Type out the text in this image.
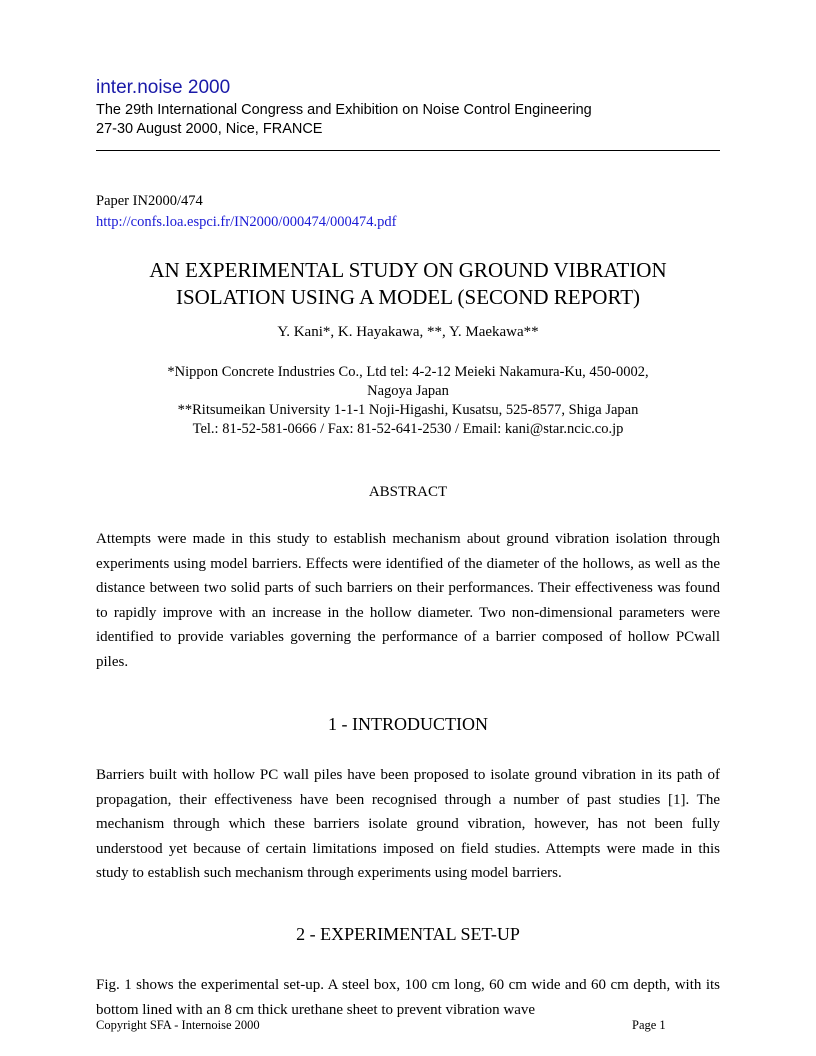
inter.noise 2000
The 29th International Congress and Exhibition on Noise Control Engineering
27-30 August 2000, Nice, FRANCE
Paper IN2000/474
http://confs.loa.espci.fr/IN2000/000474/000474.pdf
AN EXPERIMENTAL STUDY ON GROUND VIBRATION
ISOLATION USING A MODEL (SECOND REPORT)
Y. Kani*, K. Hayakawa, **, Y. Maekawa**
*Nippon Concrete Industries Co., Ltd tel: 4-2-12 Meieki Nakamura-Ku, 450-0002,
Nagoya Japan
**Ritsumeikan University 1-1-1 Noji-Higashi, Kusatsu, 525-8577, Shiga Japan
Tel.: 81-52-581-0666 / Fax: 81-52-641-2530 / Email: kani@star.ncic.co.jp
ABSTRACT

Attempts were made in this study to establish mechanism about ground vibration isolation through experiments using model barriers. Effects were identified of the diameter of the hollows, as well as the distance between two solid parts of such barriers on their performances. Their effectiveness was found to rapidly improve with an increase in the hollow diameter. Two non-dimensional parameters were identified to provide variables governing the performance of a barrier composed of hollow PCwall piles.

1 - INTRODUCTION

Barriers built with hollow PC wall piles have been proposed to isolate ground vibration in its path of propagation, their effectiveness have been recognised through a number of past studies [1]. The mechanism through which these barriers isolate ground vibration, however, has not been fully understood yet because of certain limitations imposed on field studies. Attempts were made in this study to establish such mechanism through experiments using model barriers.

2 - EXPERIMENTAL SET-UP

Fig. 1 shows the experimental set-up. A steel box, 100 cm long, 60 cm wide and 60 cm depth, with its bottom lined with an 8 cm thick urethane sheet to prevent vibration wave

Copyright SFA - Internoise 2000	Page 1
